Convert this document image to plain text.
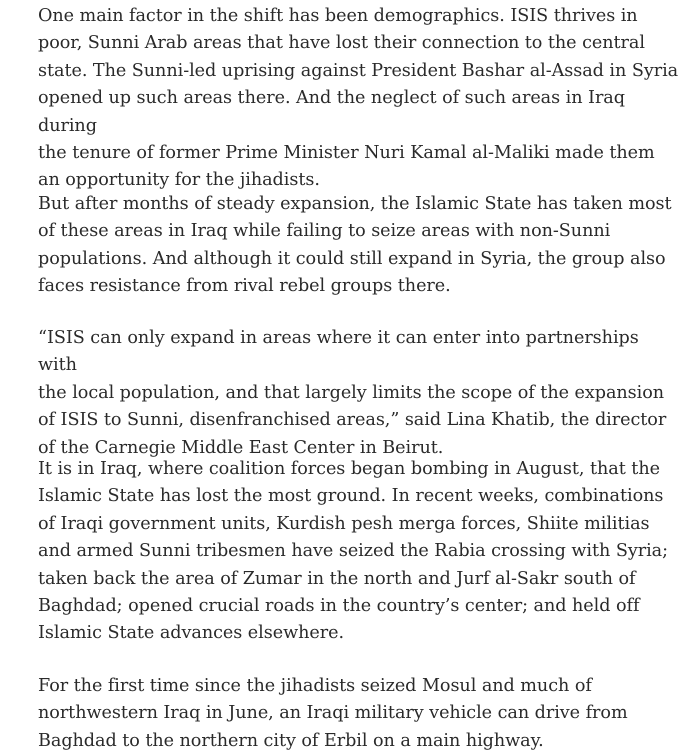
One main factor in the shift has been demographics. ISIS thrives in
poor, Sunni Arab areas that have lost their connection to the central
state. The Sunni-led uprising against President Bashar al-Assad in Syria
opened up such areas there. And the neglect of such areas in Iraq during
the tenure of former Prime Minister Nuri Kamal al-Maliki made them
an opportunity for the jihadists.

But after months of steady expansion, the Islamic State has taken most
of these areas in Iraq while failing to seize areas with non-Sunni
populations. And although it could still expand in Syria, the group also
faces resistance from rival rebel groups there.

“ISIS can only expand in areas where it can enter into partnerships with
the local population, and that largely limits the scope of the expansion
of ISIS to Sunni, disenfranchised areas,” said Lina Khatib, the director
of the Carnegie Middle East Center in Beirut.

It is in Iraq, where coalition forces began bombing in August, that the
Islamic State has lost the most ground. In recent weeks, combinations
of Iraqi government units, Kurdish pesh merga forces, Shiite militias
and armed Sunni tribesmen have seized the Rabia crossing with Syria;
taken back the area of Zumar in the north and Jurf al-Sakr south of
Baghdad; opened crucial roads in the country’s center; and held off
Islamic State advances elsewhere.

For the first time since the jihadists seized Mosul and much of
northwestern Iraq in June, an Iraqi military vehicle can drive from
Baghdad to the northern city of Erbil on a main highway.
